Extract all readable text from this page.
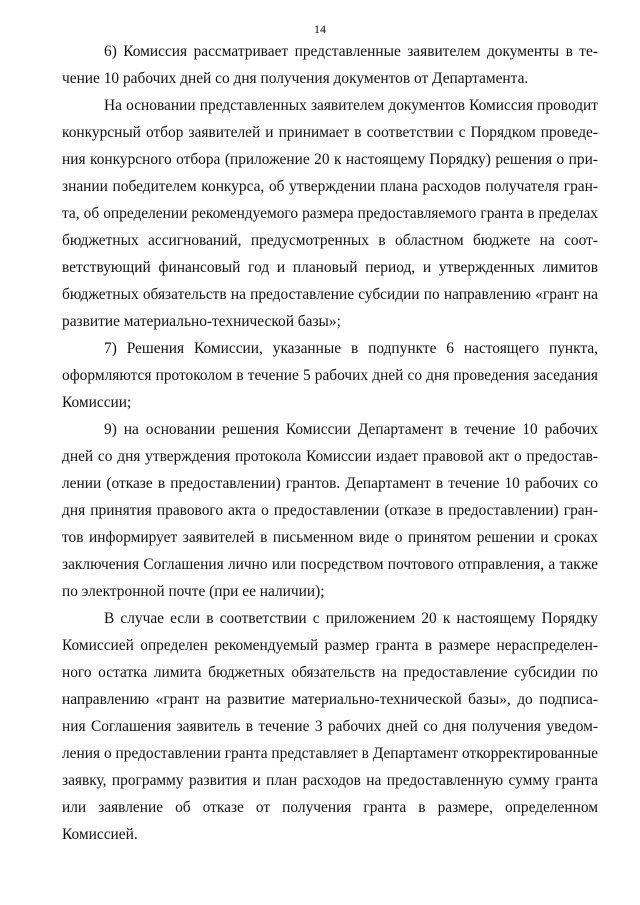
14

6) Комиссия рассматривает представленные заявителем документы в течение 10 рабочих дней со дня получения документов от Департамента.

На основании представленных заявителем документов Комиссия проводит конкурсный отбор заявителей и принимает в соответствии с Порядком проведения конкурсного отбора (приложение 20 к настоящему Порядку) решения о признании победителем конкурса, об утверждении плана расходов получателя гранта, об определении рекомендуемого размера предоставляемого гранта в пределах бюджетных ассигнований, предусмотренных в областном бюджете на соответствующий финансовый год и плановый период, и утвержденных лимитов бюджетных обязательств на предоставление субсидии по направлению «грант на развитие материально-технической базы»;

7) Решения Комиссии, указанные в подпункте 6 настоящего пункта, оформляются протоколом в течение 5 рабочих дней со дня проведения заседания Комиссии;

9) на основании решения Комиссии Департамент в течение 10 рабочих дней со дня утверждения протокола Комиссии издает правовой акт о предоставлении (отказе в предоставлении) грантов. Департамент в течение 10 рабочих со дня принятия правового акта о предоставлении (отказе в предоставлении) грантов информирует заявителей в письменном виде о принятом решении и сроках заключения Соглашения лично или посредством почтового отправления, а также по электронной почте (при ее наличии);

В случае если в соответствии с приложением 20 к настоящему Порядку Комиссией определен рекомендуемый размер гранта в размере нераспределенного остатка лимита бюджетных обязательств на предоставление субсидии по направлению «грант на развитие материально-технической базы», до подписания Соглашения заявитель в течение 3 рабочих дней со дня получения уведомления о предоставлении гранта представляет в Департамент откорректированные заявку, программу развития и план расходов на предоставленную сумму гранта или заявление об отказе от получения гранта в размере, определенном Комиссией.
